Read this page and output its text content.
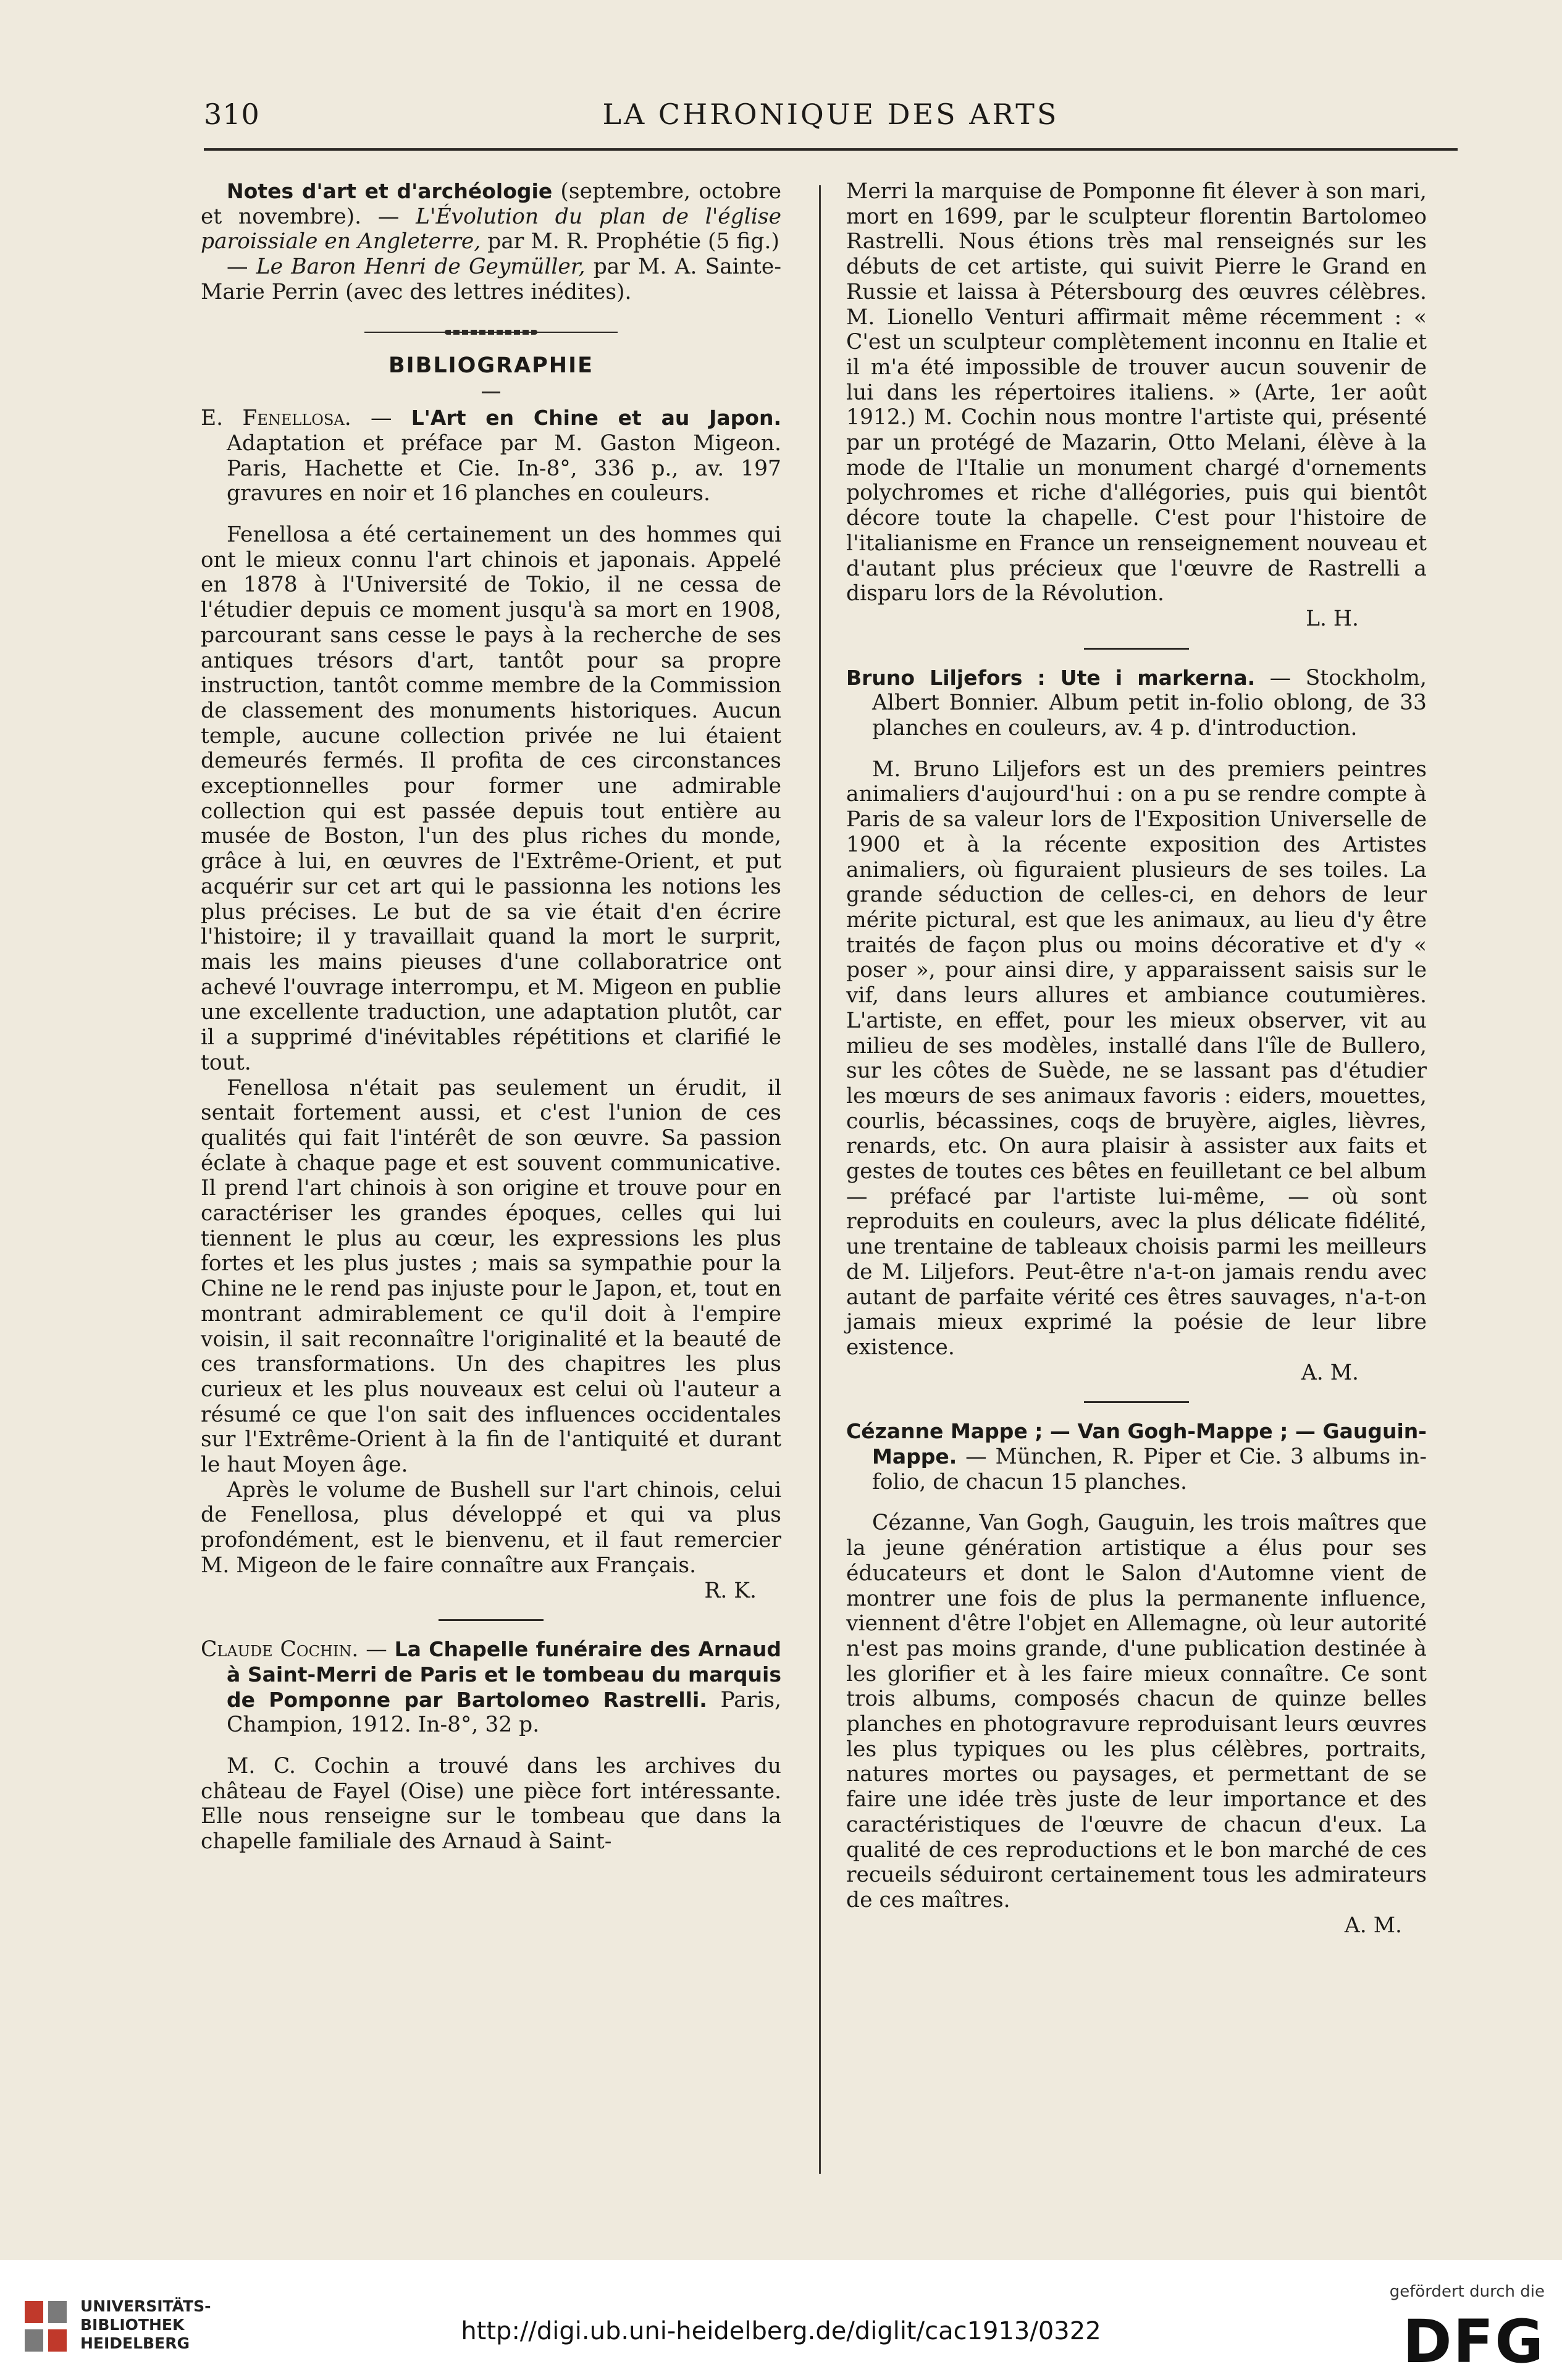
310	LA CHRONIQUE DES ARTS

Notes d'art et d'archéologie (septembre, octobre et novembre). — L'Évolution du plan de l'église paroissiale en Angleterre, par M. R. Prophétie (5 fig.)

— Le Baron Henri de Geymüller, par M. A. Sainte-Marie Perrin (avec des lettres inédites).

BIBLIOGRAPHIE

E. Fenellosa. — L'Art en Chine et au Japon. Adaptation et préface par M. Gaston Migeon. Paris, Hachette et Cie. In-8°, 336 p., av. 197 gravures en noir et 16 planches en couleurs.

Fenellosa a été certainement un des hommes qui ont le mieux connu l'art chinois et japonais. Appelé en 1878 à l'Université de Tokio, il ne cessa de l'étudier depuis ce moment jusqu'à sa mort en 1908, parcourant sans cesse le pays à la recherche de ses antiques trésors d'art, tantôt pour sa propre instruction, tantôt comme membre de la Commission de classement des monuments historiques. Aucun temple, aucune collection privée ne lui étaient demeurés fermés. Il profita de ces circonstances exceptionnelles pour former une admirable collection qui est passée depuis tout entière au musée de Boston, l'un des plus riches du monde, grâce à lui, en œuvres de l'Extrême-Orient, et put acquérir sur cet art qui le passionna les notions les plus précises. Le but de sa vie était d'en écrire l'histoire; il y travaillait quand la mort le surprit, mais les mains pieuses d'une collaboratrice ont achevé l'ouvrage interrompu, et M. Migeon en publie une excellente traduction, une adaptation plutôt, car il a supprimé d'inévitables répétitions et clarifié le tout.

Fenellosa n'était pas seulement un érudit, il sentait fortement aussi, et c'est l'union de ces qualités qui fait l'intérêt de son œuvre. Sa passion éclate à chaque page et est souvent communicative. Il prend l'art chinois à son origine et trouve pour en caractériser les grandes époques, celles qui lui tiennent le plus au cœur, les expressions les plus fortes et les plus justes ; mais sa sympathie pour la Chine ne le rend pas injuste pour le Japon, et, tout en montrant admirablement ce qu'il doit à l'empire voisin, il sait reconnaître l'originalité et la beauté de ces transformations. Un des chapitres les plus curieux et les plus nouveaux est celui où l'auteur a résumé ce que l'on sait des influences occidentales sur l'Extrême-Orient à la fin de l'antiquité et durant le haut Moyen âge.

Après le volume de Bushell sur l'art chinois, celui de Fenellosa, plus développé et qui va plus profondément, est le bienvenu, et il faut remercier M. Migeon de le faire connaître aux Français.

R. K.

Claude Cochin. — La Chapelle funéraire des Arnaud à Saint-Merri de Paris et le tombeau du marquis de Pomponne par Bartolomeo Rastrelli. Paris, Champion, 1912. In-8°, 32 p.

M. C. Cochin a trouvé dans les archives du château de Fayel (Oise) une pièce fort intéressante. Elle nous renseigne sur le tombeau que dans la chapelle familiale des Arnaud à Saint-

Merri la marquise de Pomponne fit élever à son mari, mort en 1699, par le sculpteur florentin Bartolomeo Rastrelli. Nous étions très mal renseignés sur les débuts de cet artiste, qui suivit Pierre le Grand en Russie et laissa à Pétersbourg des œuvres célèbres. M. Lionello Venturi affirmait même récemment : « C'est un sculpteur complètement inconnu en Italie et il m'a été impossible de trouver aucun souvenir de lui dans les répertoires italiens. » (Arte, 1er août 1912.) M. Cochin nous montre l'artiste qui, présenté par un protégé de Mazarin, Otto Melani, élève à la mode de l'Italie un monument chargé d'ornements polychromes et riche d'allégories, puis qui bientôt décore toute la chapelle. C'est pour l'histoire de l'italianisme en France un renseignement nouveau et d'autant plus précieux que l'œuvre de Rastrelli a disparu lors de la Révolution.

L. H.

Bruno Liljefors : Ute i markerna. — Stockholm, Albert Bonnier. Album petit in-folio oblong, de 33 planches en couleurs, av. 4 p. d'introduction.

M. Bruno Liljefors est un des premiers peintres animaliers d'aujourd'hui : on a pu se rendre compte à Paris de sa valeur lors de l'Exposition Universelle de 1900 et à la récente exposition des Artistes animaliers, où figuraient plusieurs de ses toiles. La grande séduction de celles-ci, en dehors de leur mérite pictural, est que les animaux, au lieu d'y être traités de façon plus ou moins décorative et d'y « poser », pour ainsi dire, y apparaissent saisis sur le vif, dans leurs allures et ambiance coutumières. L'artiste, en effet, pour les mieux observer, vit au milieu de ses modèles, installé dans l'île de Bullero, sur les côtes de Suède, ne se lassant pas d'étudier les mœurs de ses animaux favoris : eiders, mouettes, courlis, bécassines, coqs de bruyère, aigles, lièvres, renards, etc. On aura plaisir à assister aux faits et gestes de toutes ces bêtes en feuilletant ce bel album — préfacé par l'artiste lui-même, — où sont reproduits en couleurs, avec la plus délicate fidélité, une trentaine de tableaux choisis parmi les meilleurs de M. Liljefors. Peut-être n'a-t-on jamais rendu avec autant de parfaite vérité ces êtres sauvages, n'a-t-on jamais mieux exprimé la poésie de leur libre existence.

A. M.

Cézanne Mappe ; — Van Gogh-Mappe ; — Gauguin-Mappe. — München, R. Piper et Cie. 3 albums in-folio, de chacun 15 planches.

Cézanne, Van Gogh, Gauguin, les trois maîtres que la jeune génération artistique a élus pour ses éducateurs et dont le Salon d'Automne vient de montrer une fois de plus la permanente influence, viennent d'être l'objet en Allemagne, où leur autorité n'est pas moins grande, d'une publication destinée à les glorifier et à les faire mieux connaître. Ce sont trois albums, composés chacun de quinze belles planches en photogravure reproduisant leurs œuvres les plus typiques ou les plus célèbres, portraits, natures mortes ou paysages, et permettant de se faire une idée très juste de leur importance et des caractéristiques de l'œuvre de chacun d'eux. La qualité de ces reproductions et le bon marché de ces recueils séduiront certainement tous les admirateurs de ces maîtres.

A. M.

UNIVERSITÄTS-
BIBLIOTHEK
HEIDELBERG	http://digi.ub.uni-heidelberg.de/diglit/cac1913/0322
gefördert durch die
DFG
